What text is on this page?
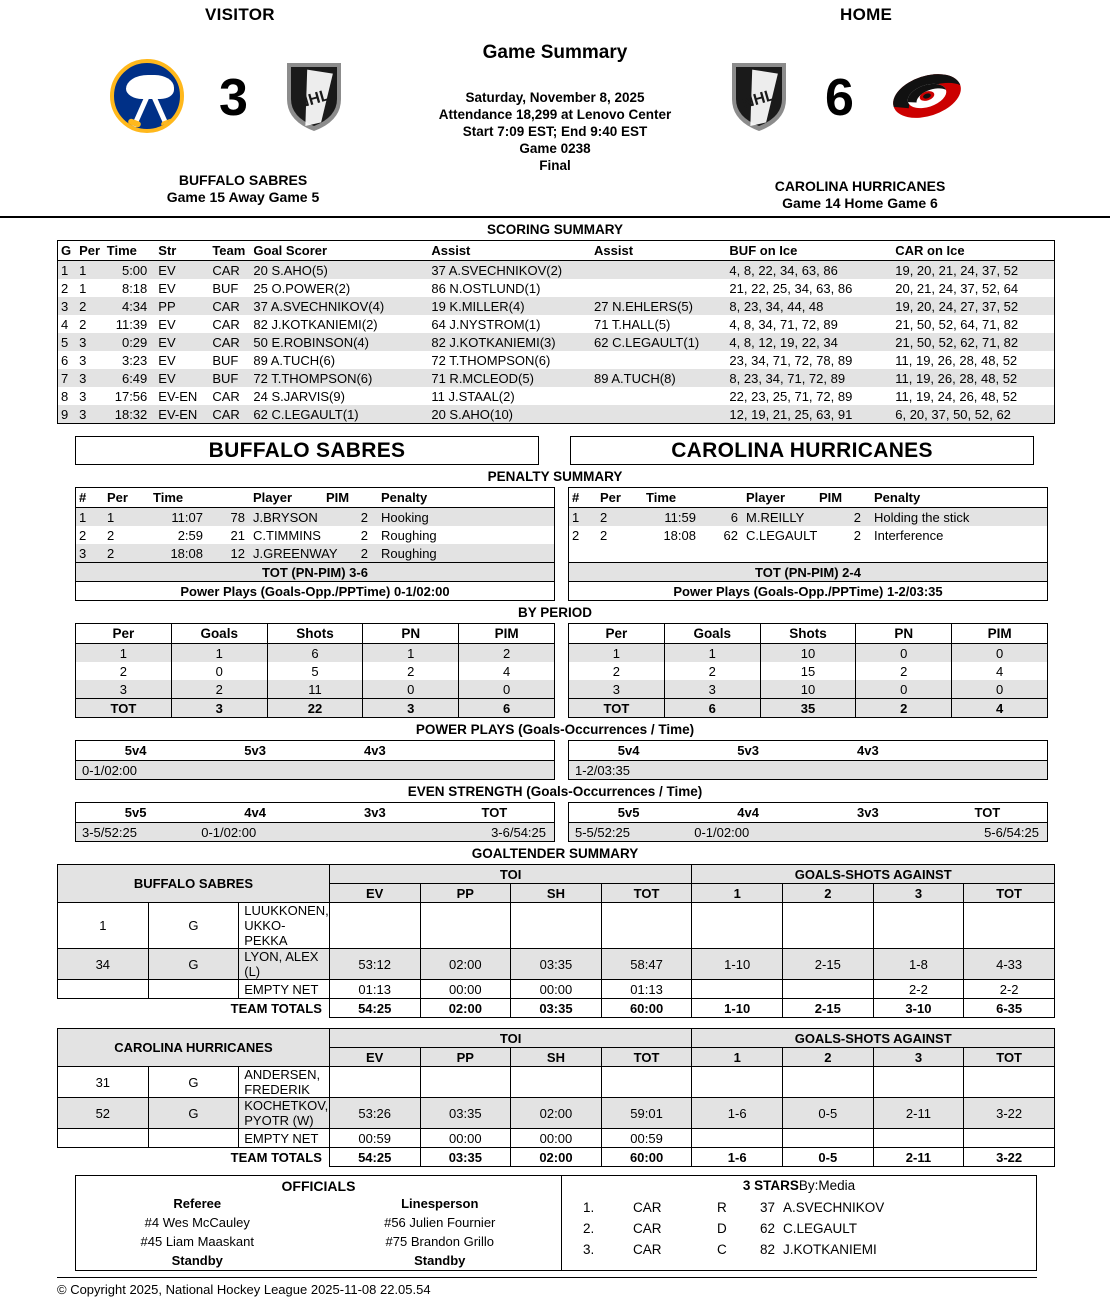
VISITOR	HOME
3	NHL	NHL 6
BUFFALO SABRES
Game 15 Away Game 5
CAROLINA HURRICANES
Game 14 Home Game 6
Game Summary
Saturday, November 8, 2025
Attendance 18,299 at Lenovo Center
Start 7:09 EST; End 9:40 EST
Game 0238
Final
SCORING SUMMARY
G	Per	Time	Str	Team	Goal Scorer	Assist	Assist	BUF on Ice	CAR on Ice
1	1	5:00	EV	CAR	20 S.AHO(5)	37 A.SVECHNIKOV(2)		4, 8, 22, 34, 63, 86	19, 20, 21, 24, 37, 52
2	1	8:18	EV	BUF	25 O.POWER(2)	86 N.OSTLUND(1)		21, 22, 25, 34, 63, 86	20, 21, 24, 37, 52, 64
3	2	4:34	PP	CAR	37 A.SVECHNIKOV(4)	19 K.MILLER(4)	27 N.EHLERS(5)	8, 23, 34, 44, 48	19, 20, 24, 27, 37, 52
4	2	11:39	EV	CAR	82 J.KOTKANIEMI(2)	64 J.NYSTROM(1)	71 T.HALL(5)	4, 8, 34, 71, 72, 89	21, 50, 52, 64, 71, 82
5	3	0:29	EV	CAR	50 E.ROBINSON(4)	82 J.KOTKANIEMI(3)	62 C.LEGAULT(1)	4, 8, 12, 19, 22, 34	21, 50, 52, 62, 71, 82
6	3	3:23	EV	BUF	89 A.TUCH(6)	72 T.THOMPSON(6)		23, 34, 71, 72, 78, 89	11, 19, 26, 28, 48, 52
7	3	6:49	EV	BUF	72 T.THOMPSON(6)	71 R.MCLEOD(5)	89 A.TUCH(8)	8, 23, 34, 71, 72, 89	11, 19, 26, 28, 48, 52
8	3	17:56	EV-EN	CAR	24 S.JARVIS(9)	11 J.STAAL(2)		22, 23, 25, 71, 72, 89	11, 19, 24, 26, 48, 52
9	3	18:32	EV-EN	CAR	62 C.LEGAULT(1)	20 S.AHO(10)		12, 19, 21, 25, 63, 91	6, 20, 37, 50, 52, 62
BUFFALO SABRES	CAROLINA HURRICANES
PENALTY SUMMARY
#	Per	Time		Player	PIM	Penalty
1	1	11:07	78	J.BRYSON	2	Hooking
2	2	2:59	21	C.TIMMINS	2	Roughing
3	2	18:08	12	J.GREENWAY	2	Roughing
TOT (PN-PIM) 3-6						
Power Plays (Goals-Opp./PPTime) 0-1/02:00						
#	Per	Time		Player	PIM	Penalty
1	2	11:59	6	M.REILLY	2	Holding the stick
2	2	18:08	62	C.LEGAULT	2	Interference

TOT (PN-PIM) 2-4						
Power Plays (Goals-Opp./PPTime) 1-2/03:35						
BY PERIOD
Per	Goals	Shots	PN	PIM
1	1	6	1	2
2	0	5	2	4
3	2	11	0	0
TOT	3	22	3	6
Per	Goals	Shots	PN	PIM
1	1	10	0	0
2	2	15	2	4
3	3	10	0	0
TOT	6	35	2	4
POWER PLAYS (Goals-Occurrences / Time)
5v4	5v3	4v3	
0-1/02:00			
5v4	5v3	4v3	
1-2/03:35			
EVEN STRENGTH (Goals-Occurrences / Time)
5v5	4v4	3v3	TOT
3-5/52:25	0-1/02:00		3-6/54:25
5v5	4v4	3v3	TOT
5-5/52:25	0-1/02:00		5-6/54:25
GOALTENDER SUMMARY
BUFFALO SABRES			TOI				GOALS-SHOTS AGAINST			
			EV	PP	SH	TOT	1	2	3	TOT
1	G	LUUKKONEN, UKKO-PEKKA								
34	G	LYON, ALEX (L)	53:12	02:00	03:35	58:47	1-10	2-15	1-8	4-33
		EMPTY NET	01:13	00:00	00:00	01:13			2-2	2-2
TEAM TOTALS			54:25	02:00	03:35	60:00	1-10	2-15	3-10	6-35
CAROLINA HURRICANES			TOI				GOALS-SHOTS AGAINST			
			EV	PP	SH	TOT	1	2	3	TOT
31	G	ANDERSEN, FREDERIK								
52	G	KOCHETKOV, PYOTR (W)	53:26	03:35	02:00	59:01	1-6	0-5	2-11	3-22
		EMPTY NET	00:59	00:00	00:00	00:59				
TEAM TOTALS			54:25	03:35	02:00	60:00	1-6	0-5	2-11	3-22
OFFICIALS
Referee
#4 Wes McCauley
#45 Liam Maaskant
Standby
Linesperson
#56 Julien Fournier
#75 Brandon Grillo
Standby
3 STARSBy:Media
1.	CAR	R	37	A.SVECHNIKOV
2.	CAR	D	62	C.LEGAULT
3.	CAR	C	82	J.KOTKANIEMI
© Copyright 2025, National Hockey League 2025-11-08 22.05.54
